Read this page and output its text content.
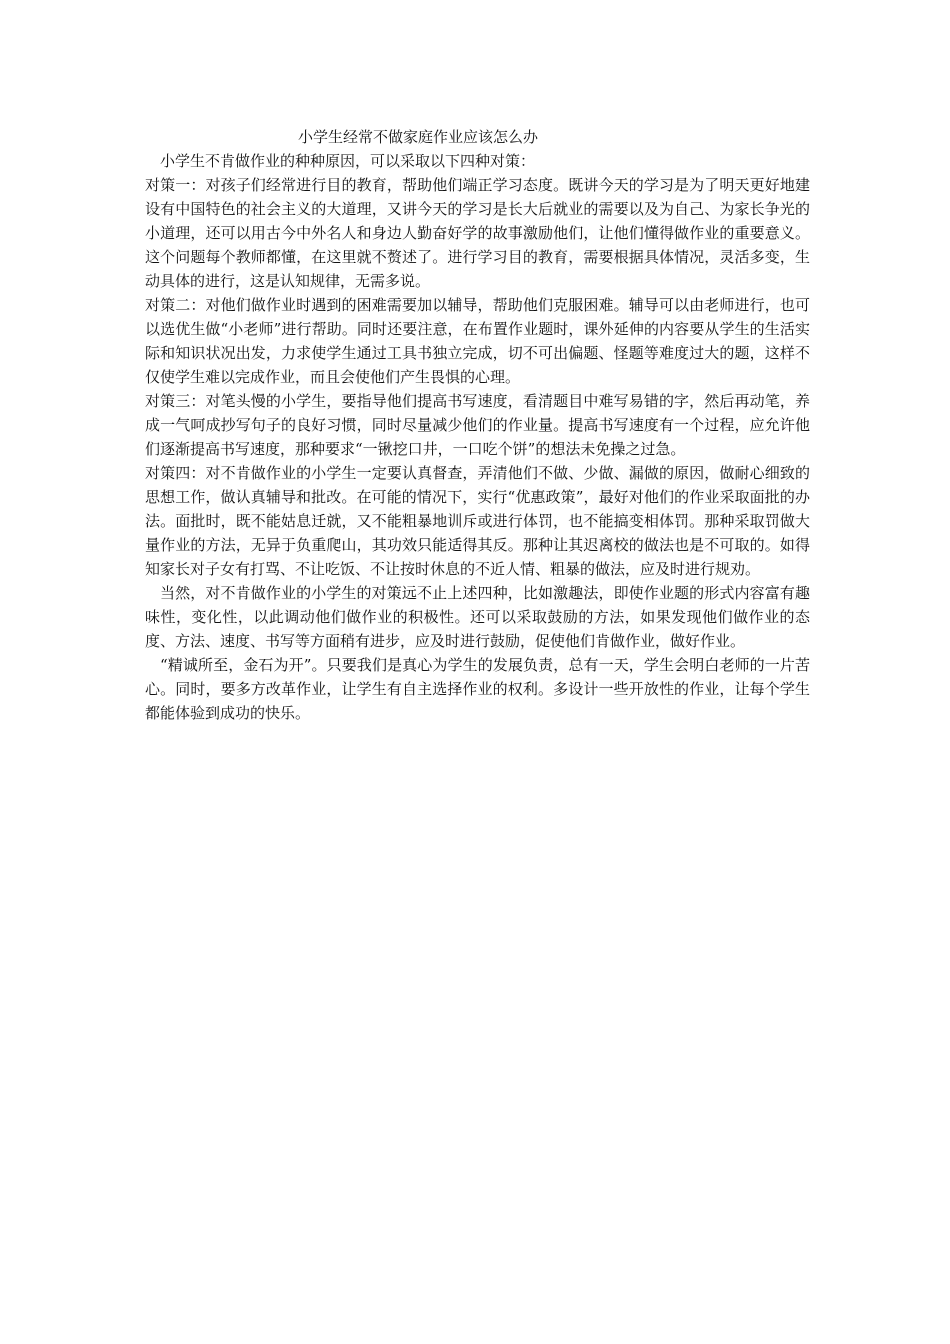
小学生经常不做家庭作业应该怎么办

小学生不肯做作业的种种原因，可以采取以下四种对策：

对策一：对孩子们经常进行目的教育，帮助他们端正学习态度。既讲今天的学习是为了明天更好地建设有中国特色的社会主义的大道理，又讲今天的学习是长大后就业的需要以及为自己、为家长争光的小道理，还可以用古今中外名人和身边人勤奋好学的故事激励他们，让他们懂得做作业的重要意义。这个问题每个教师都懂，在这里就不赘述了。进行学习目的教育，需要根据具体情况，灵活多变，生动具体的进行，这是认知规律，无需多说。

对策二：对他们做作业时遇到的困难需要加以辅导，帮助他们克服困难。辅导可以由老师进行，也可以选优生做“小老师”进行帮助。同时还要注意，在布置作业题时，课外延伸的内容要从学生的生活实际和知识状况出发，力求使学生通过工具书独立完成，切不可出偏题、怪题等难度过大的题，这样不仅使学生难以完成作业，而且会使他们产生畏惧的心理。

对策三：对笔头慢的小学生，要指导他们提高书写速度，看清题目中难写易错的字，然后再动笔，养成一气呵成抄写句子的良好习惯，同时尽量减少他们的作业量。提高书写速度有一个过程，应允许他们逐渐提高书写速度，那种要求“一锹挖口井，一口吃个饼”的想法未免操之过急。

对策四：对不肯做作业的小学生一定要认真督查，弄清他们不做、少做、漏做的原因，做耐心细致的思想工作，做认真辅导和批改。在可能的情况下，实行“优惠政策”，最好对他们的作业采取面批的办法。面批时，既不能姑息迁就，又不能粗暴地训斥或进行体罚，也不能搞变相体罚。那种采取罚做大量作业的方法，无异于负重爬山，其功效只能适得其反。那种让其迟离校的做法也是不可取的。如得知家长对子女有打骂、不让吃饭、不让按时休息的不近人情、粗暴的做法，应及时进行规劝。

当然，对不肯做作业的小学生的对策远不止上述四种，比如激趣法，即使作业题的形式内容富有趣味性，变化性，以此调动他们做作业的积极性。还可以采取鼓励的方法，如果发现他们做作业的态度、方法、速度、书写等方面稍有进步，应及时进行鼓励，促使他们肯做作业，做好作业。

“精诚所至，金石为开”。只要我们是真心为学生的发展负责，总有一天，学生会明白老师的一片苦心。同时，要多方改革作业，让学生有自主选择作业的权利。多设计一些开放性的作业，让每个学生都能体验到成功的快乐。
